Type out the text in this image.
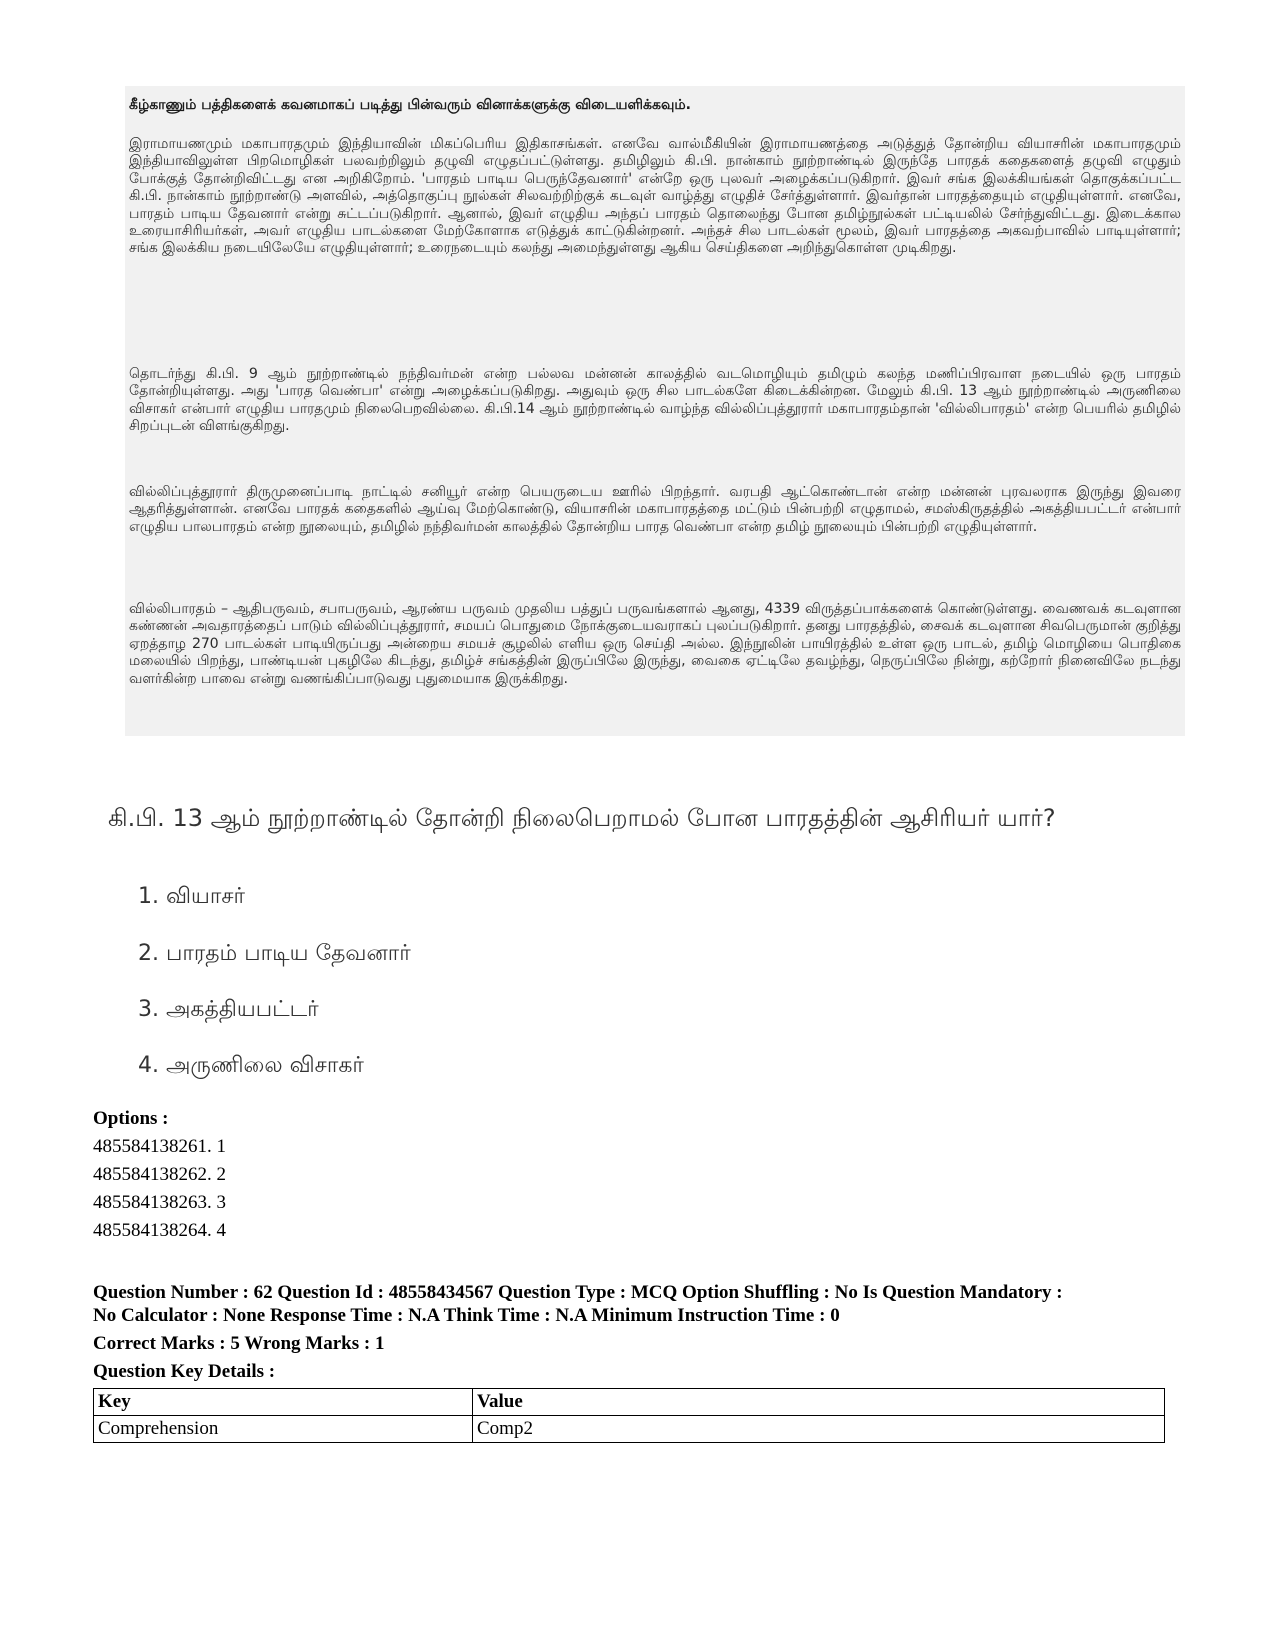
கீழ்காணும் பத்திகளைக் கவனமாகப் படித்து பின்வரும் வினாக்களுக்கு விடையளிக்கவும்.
இராமாயணமும் மகாபாரதமும் இந்தியாவின் மிகப்பெரிய இதிகாசங்கள். எனவே வால்மீகியின் இராமாயணத்தை அடுத்துத் தோன்றிய வியாசரின் மகாபாரதமும் இந்தியாவிலுள்ள பிறமொழிகள் பலவற்றிலும் தழுவி எழுதப்பட்டுள்ளது. தமிழிலும் கி.பி. நான்காம் நூற்றாண்டில் இருந்தே பாரதக் கதைகளைத் தழுவி எழுதும் போக்குத் தோன்றிவிட்டது என அறிகிறோம். 'பாரதம் பாடிய பெருந்தேவனார்' என்றே ஒரு புலவர் அழைக்கப்படுகிறார். இவர் சங்க இலக்கியங்கள் தொகுக்கப்பட்ட கி.பி. நான்காம் நூற்றாண்டு அளவில், அத்தொகுப்பு நூல்கள் சிலவற்றிற்குக் கடவுள் வாழ்த்து எழுதிச் சேர்த்துள்ளார். இவர்தான் பாரதத்தையும் எழுதியுள்ளார். எனவே, பாரதம் பாடிய தேவனார் என்று சுட்டப்படுகிறார். ஆனால், இவர் எழுதிய அந்தப் பாரதம் தொலைந்து போன தமிழ்நூல்கள் பட்டியலில் சேர்ந்துவிட்டது. இடைக்கால உரையாசிரியர்கள், அவர் எழுதிய பாடல்களை மேற்கோளாக எடுத்துக் காட்டுகின்றனர். அந்தச் சில பாடல்கள் மூலம், இவர் பாரதத்தை அகவற்பாவில் பாடியுள்ளார்; சங்க இலக்கிய நடையிலேயே எழுதியுள்ளார்; உரைநடையும் கலந்து அமைந்துள்ளது ஆகிய செய்திகளை அறிந்துகொள்ள முடிகிறது.
தொடர்ந்து கி.பி. 9 ஆம் நூற்றாண்டில் நந்திவர்மன் என்ற பல்லவ மன்னன் காலத்தில் வடமொழியும் தமிழும் கலந்த மணிப்பிரவாள நடையில் ஒரு பாரதம் தோன்றியுள்ளது. அது 'பாரத வெண்பா' என்று அழைக்கப்படுகிறது. அதுவும் ஒரு சில பாடல்களே கிடைக்கின்றன. மேலும் கி.பி. 13 ஆம் நூற்றாண்டில் அருணிலை விசாகர் என்பார் எழுதிய பாரதமும் நிலைபெறவில்லை. கி.பி.14 ஆம் நூற்றாண்டில் வாழ்ந்த வில்லிப்புத்தூரார் மகாபாரதம்தான் 'வில்லிபாரதம்' என்ற பெயரில் தமிழில் சிறப்புடன் விளங்குகிறது.
வில்லிப்புத்தூரார் திருமுனைப்பாடி நாட்டில் சனியூர் என்ற பெயருடைய ஊரில் பிறந்தார். வரபதி ஆட்கொண்டான் என்ற மன்னன் புரவலராக இருந்து இவரை ஆதரித்துள்ளான். எனவே பாரதக் கதைகளில் ஆய்வு மேற்கொண்டு, வியாசரின் மகாபாரதத்தை மட்டும் பின்பற்றி எழுதாமல், சமஸ்கிருதத்தில் அகத்தியபட்டர் என்பார் எழுதிய பாலபாரதம் என்ற நூலையும், தமிழில் நந்திவர்மன் காலத்தில் தோன்றிய பாரத வெண்பா என்ற தமிழ் நூலையும் பின்பற்றி எழுதியுள்ளார்.
வில்லிபாரதம் – ஆதிபருவம், சபாபருவம், ஆரண்ய பருவம் முதலிய பத்துப் பருவங்களால் ஆனது, 4339 விருத்தப்பாக்களைக் கொண்டுள்ளது. வைணவக் கடவுளான கண்ணன் அவதாரத்தைப் பாடும் வில்லிப்புத்தூரார், சமயப் பொதுமை நோக்குடையவராகப் புலப்படுகிறார். தனது பாரதத்தில், சைவக் கடவுளான சிவபெருமான் குறித்து ஏறத்தாழ 270 பாடல்கள் பாடியிருப்பது அன்றைய சமயச் சூழலில் எளிய ஒரு செய்தி அல்ல. இந்நூலின் பாயிரத்தில் உள்ள ஒரு பாடல், தமிழ் மொழியை பொதிகை மலையில் பிறந்து, பாண்டியன் புகழிலே கிடந்து, தமிழ்ச் சங்கத்தின் இருப்பிலே இருந்து, வைகை ஏட்டிலே தவழ்ந்து, நெருப்பிலே நின்று, கற்றோர் நினைவிலே நடந்து வளர்கின்ற பாவை என்று வணங்கிப்பாடுவது புதுமையாக இருக்கிறது.
கி.பி. 13 ஆம் நூற்றாண்டில் தோன்றி நிலைபெறாமல் போன பாரதத்தின் ஆசிரியர் யார்?
1. வியாசர்
2. பாரதம் பாடிய தேவனார்
3. அகத்தியபட்டர்
4. அருணிலை விசாகர்
Options :
485584138261. 1
485584138262. 2
485584138263. 3
485584138264. 4
Question Number : 62 Question Id : 48558434567 Question Type : MCQ Option Shuffling : No Is Question Mandatory :
No Calculator : None Response Time : N.A Think Time : N.A Minimum Instruction Time : 0
Correct Marks : 5 Wrong Marks : 1
Question Key Details :
Key	Value
Comprehension	Comp2
